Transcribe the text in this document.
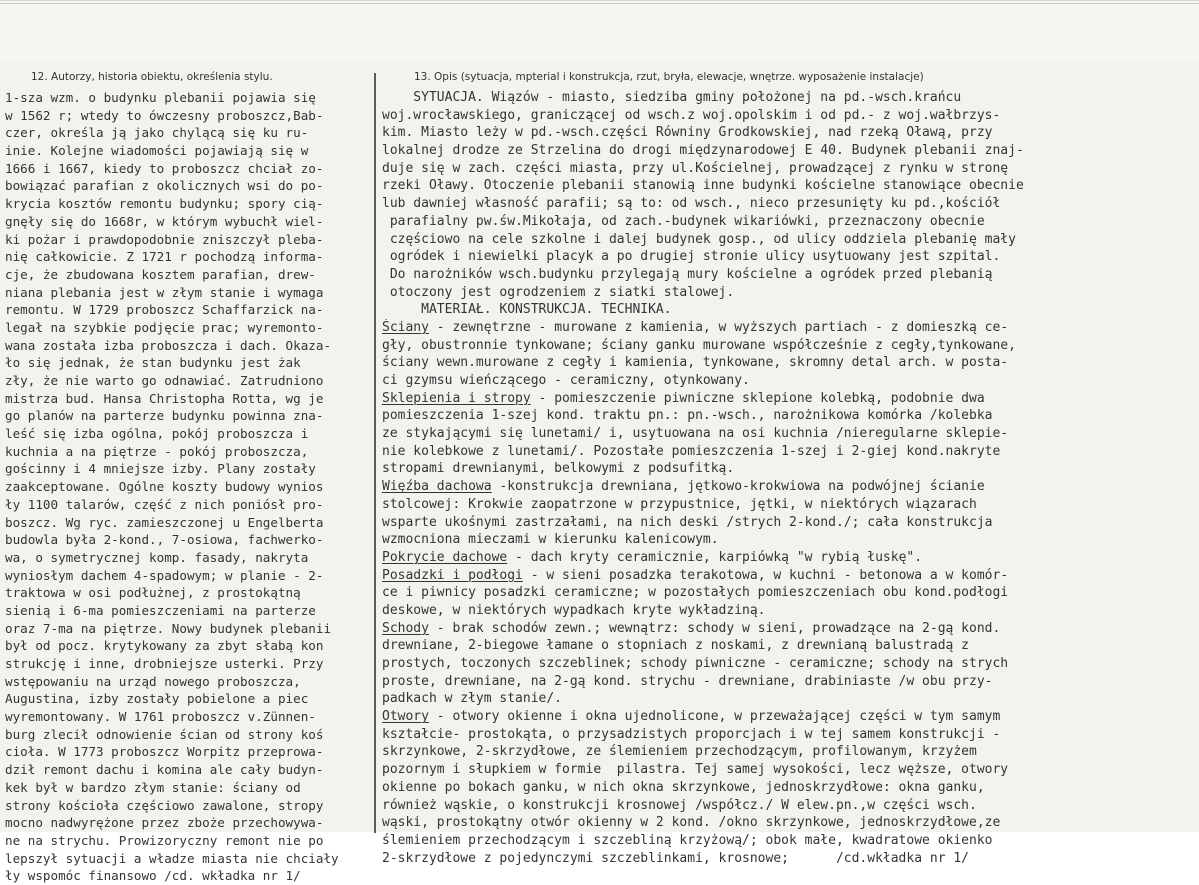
12. Autorzy, historia obiektu, określenia stylu.	13. Opis (sytuacja, mpterial i konstrukcja, rzut, bryła, elewacje, wnętrze. wyposażenie instalacje)
1-sza wzm. o budynku plebanii pojawia się
w 1562 r; wtedy to ówczesny proboszcz,Bab-
czer, określa ją jako chylącą się ku ru-
inie. Kolejne wiadomości pojawiają się w
1666 i 1667, kiedy to proboszcz chciał zo-
bowiązać parafian z okolicznych wsi do po-
krycia kosztów remontu budynku; spory cią-
gnęły się do 1668r, w którym wybuchł wiel-
ki pożar i prawdopodobnie zniszczył pleba-
nię całkowicie. Z 1721 r pochodzą informa-
cje, że zbudowana kosztem parafian, drew-
niana plebania jest w złym stanie i wymaga
remontu. W 1729 proboszcz Schaffarzick na-
legał na szybkie podjęcie prac; wyremonto-
wana została izba proboszcza i dach. Okaza-
ło się jednak, że stan budynku jest żak
zły, że nie warto go odnawiać. Zatrudniono
mistrza bud. Hansa Christopha Rotta, wg je
go planów na parterze budynku powinna zna-
leść się izba ogólna, pokój proboszcza i
kuchnia a na piętrze - pokój proboszcza,
gościnny i 4 mniejsze izby. Plany zostały
zaakceptowane. Ogólne koszty budowy wynios
ły 1100 talarów, część z nich poniósł pro-
boszcz. Wg ryc. zamieszczonej u Engelberta
budowla była 2-kond., 7-osiowa, fachwerko-
wa, o symetrycznej komp. fasady, nakryta
wyniosłym dachem 4-spadowym; w planie - 2-
traktowa w osi podłużnej, z prostokątną
sienią i 6-ma pomieszczeniami na parterze
oraz 7-ma na piętrze. Nowy budynek plebanii
był od pocz. krytykowany za zbyt słabą kon
strukcję i inne, drobniejsze usterki. Przy
wstępowaniu na urząd nowego proboszcza,
Augustina, izby zostały pobielone a piec
wyremontowany. W 1761 proboszcz v.Zünnen-
burg zlecił odnowienie ścian od strony koś
cioła. W 1773 proboszcz Worpitz przeprowa-
dził remont dachu i komina ale cały budyn-
kek był w bardzo złym stanie: ściany od
strony kościoła częściowo zawalone, stropy
mocno nadwyrężone przez zboże przechowywa-
ne na strychu. Prowizoryczny remont nie po
lepszył sytuacji a władze miasta nie chciały
ły wspomóc finansowo /cd. wkładka nr 1/
SYTUACJA. Wiązów - miasto, siedziba gminy położonej na pd.-wsch.krańcu
woj.wrocławskiego, graniczącej od wsch.z woj.opolskim i od pd.- z woj.wałbrzys-
kim. Miasto leży w pd.-wsch.części Równiny Grodkowskiej, nad rzeką Oławą, przy
lokalnej drodze ze Strzelina do drogi międzynarodowej E 40. Budynek plebanii znaj-
duje się w zach. części miasta, przy ul.Kościelnej, prowadzącej z rynku w stronę
rzeki Oławy. Otoczenie plebanii stanowią inne budynki kościelne stanowiące obecnie
lub dawniej własność parafii; są to: od wsch., nieco przesunięty ku pd.,kościół
parafialny pw.św.Mikołaja, od zach.-budynek wikariówki, przeznaczony obecnie
częściowo na cele szkolne i dalej budynek gosp., od ulicy oddziela plebanię mały
ogródek i niewielki placyk a po drugiej stronie ulicy usytuowany jest szpital.
Do narożników wsch.budynku przylegają mury kościelne a ogródek przed plebanią
otoczony jest ogrodzeniem z siatki stalowej.
MATERIAŁ. KONSTRUKCJA. TECHNIKA.
Ściany - zewnętrzne - murowane z kamienia, w wyższych partiach - z domieszką ce-
gły, obustronnie tynkowane; ściany ganku murowane współcześnie z cegły,tynkowane,
ściany wewn.murowane z cegły i kamienia, tynkowane, skromny detal arch. w posta-
ci gzymsu wieńczącego - ceramiczny, otynkowany.
Sklepienia i stropy - pomieszczenie piwniczne sklepione kolebką, podobnie dwa
pomieszczenia 1-szej kond. traktu pn.: pn.-wsch., narożnikowa komórka /kolebka
ze stykającymi się lunetami/ i, usytuowana na osi kuchnia /nieregularne sklepie-
nie kolebkowe z lunetami/. Pozostałe pomieszczenia 1-szej i 2-giej kond.nakryte
stropami drewnianymi, belkowymi z podsufitką.
Więźba dachowa -konstrukcja drewniana, jętkowo-krokwiowa na podwójnej ścianie
stolcowej: Krokwie zaopatrzone w przypustnice, jętki, w niektórych wiązarach
wsparte ukośnymi zastrzałami, na nich deski /strych 2-kond./; cała konstrukcja
wzmocniona mieczami w kierunku kalenicowym.
Pokrycie dachowe - dach kryty ceramicznie, karpiówką "w rybią łuskę".
Posadzki i podłogi - w sieni posadzka terakotowa, w kuchni - betonowa a w komór-
ce i piwnicy posadzki ceramiczne; w pozostałych pomieszczeniach obu kond.podłogi
deskowe, w niektórych wypadkach kryte wykładziną.
Schody - brak schodów zewn.; wewnątrz: schody w sieni, prowadzące na 2-gą kond.
drewniane, 2-biegowe łamane o stopniach z noskami, z drewnianą balustradą z
prostych, toczonych szczeblinek; schody piwniczne - ceramiczne; schody na strych
proste, drewniane, na 2-gą kond. strychu - drewniane, drabiniaste /w obu przy-
padkach w złym stanie/.
Otwory - otwory okienne i okna ujednolicone, w przeważającej części w tym samym
kształcie- prostokąta, o przysadzistych proporcjach i w tej samem konstrukcji -
skrzynkowe, 2-skrzydłowe, ze ślemieniem przechodzącym, profilowanym, krzyżem
pozornym i słupkiem w formie  pilastra. Tej samej wysokości, lecz węższe, otwory
okienne po bokach ganku, w nich okna skrzynkowe, jednoskrzydłowe: okna ganku,
również wąskie, o konstrukcji krosnowej /współcz./ W elew.pn.,w części wsch.
wąski, prostokątny otwór okienny w 2 kond. /okno skrzynkowe, jednoskrzydłowe,ze
ślemieniem przechodzącym i szczebliną krzyżową/; obok małe, kwadratowe okienko
2-skrzydłowe z pojedynczymi szczeblinkami, krosnowe;      /cd.wkładka nr 1/
